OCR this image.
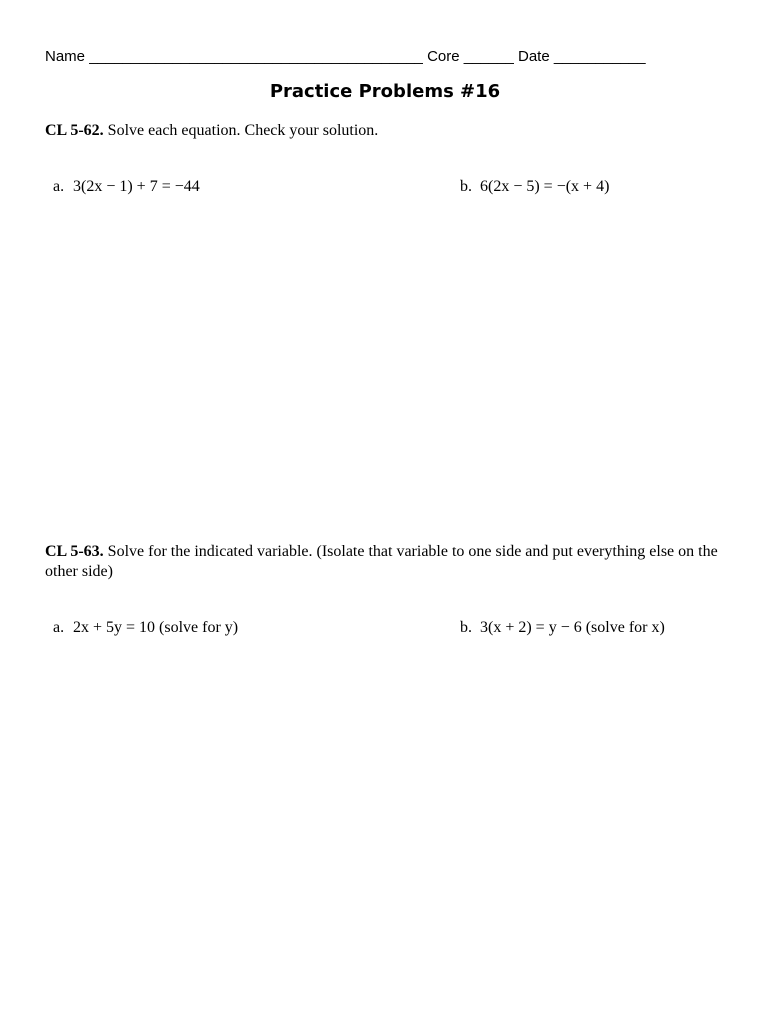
Name ________________________________________ Core ______ Date ___________
Practice Problems #16
CL 5-62. Solve each equation. Check your solution.

a. 3(2x − 1) + 7 = −44	b. 6(2x − 5) = −(x + 4)

CL 5-63. Solve for the indicated variable. (Isolate that variable to one side and put everything else on the other side)

a. 2x + 5y = 10 (solve for y)	b. 3(x + 2) = y − 6 (solve for x)
